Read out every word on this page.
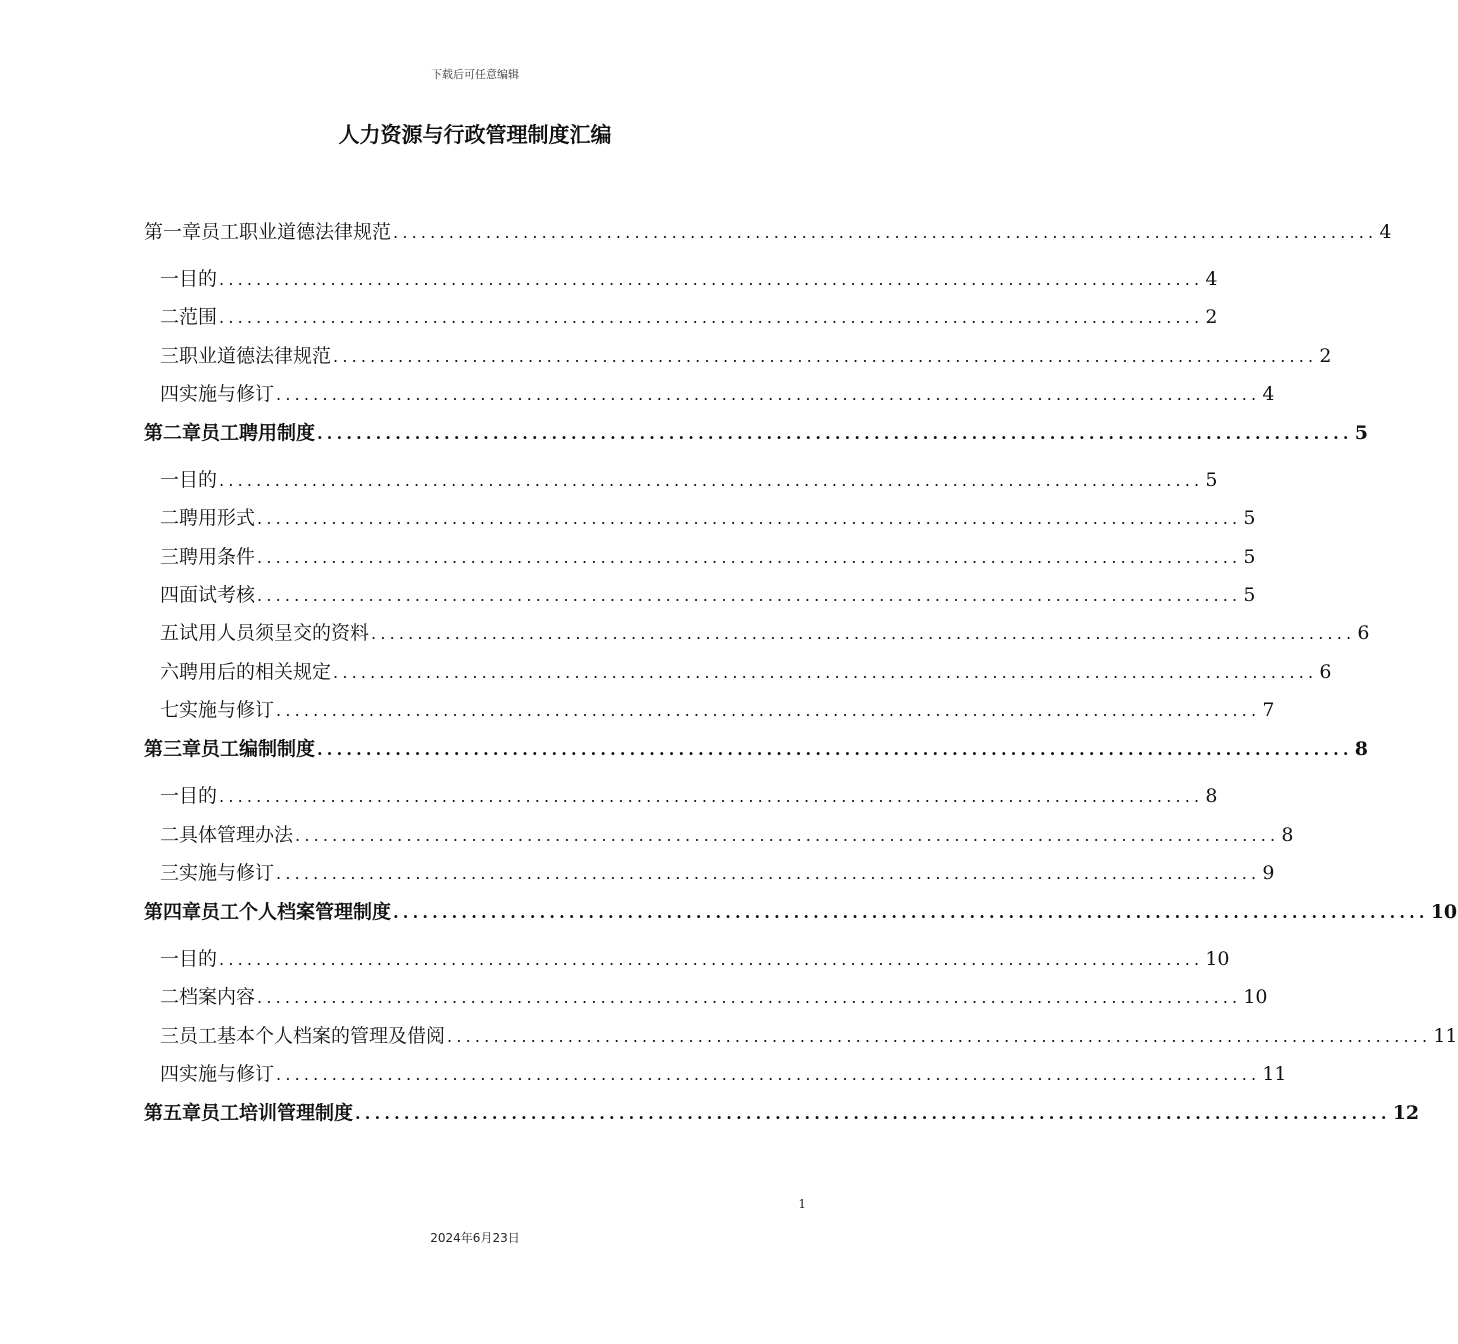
下载后可任意编辑
人力资源与行政管理制度汇编
第一章 员工职业道德法律规范 .......................................................................................................... 4
一 目的 .......................................................................................................... 4
二 范围 .......................................................................................................... 2
三 职业道德法律规范 .......................................................................................................... 2
四 实施与修订 .......................................................................................................... 4
第二章 员工聘用制度 .......................................................................................................... 5
一 目的 .......................................................................................................... 5
二 聘用形式 .......................................................................................................... 5
三 聘用条件 .......................................................................................................... 5
四 面试考核 .......................................................................................................... 5
五 试用人员须呈交的资料 .......................................................................................................... 6
六 聘用后的相关规定 .......................................................................................................... 6
七 实施与修订 .......................................................................................................... 7
第三章 员工编制制度 .......................................................................................................... 8
一 目的 .......................................................................................................... 8
二 具体管理办法 .......................................................................................................... 8
三 实施与修订 .......................................................................................................... 9
第四章 员工个人档案管理制度 .......................................................................................................... 10
一 目的 .......................................................................................................... 10
二 档案内容 .......................................................................................................... 10
三 员工基本个人档案的管理及借阅 .......................................................................................................... 11
四 实施与修订 .......................................................................................................... 11
第五章 员工培训管理制度 .......................................................................................................... 12
1
2024年6月23日
